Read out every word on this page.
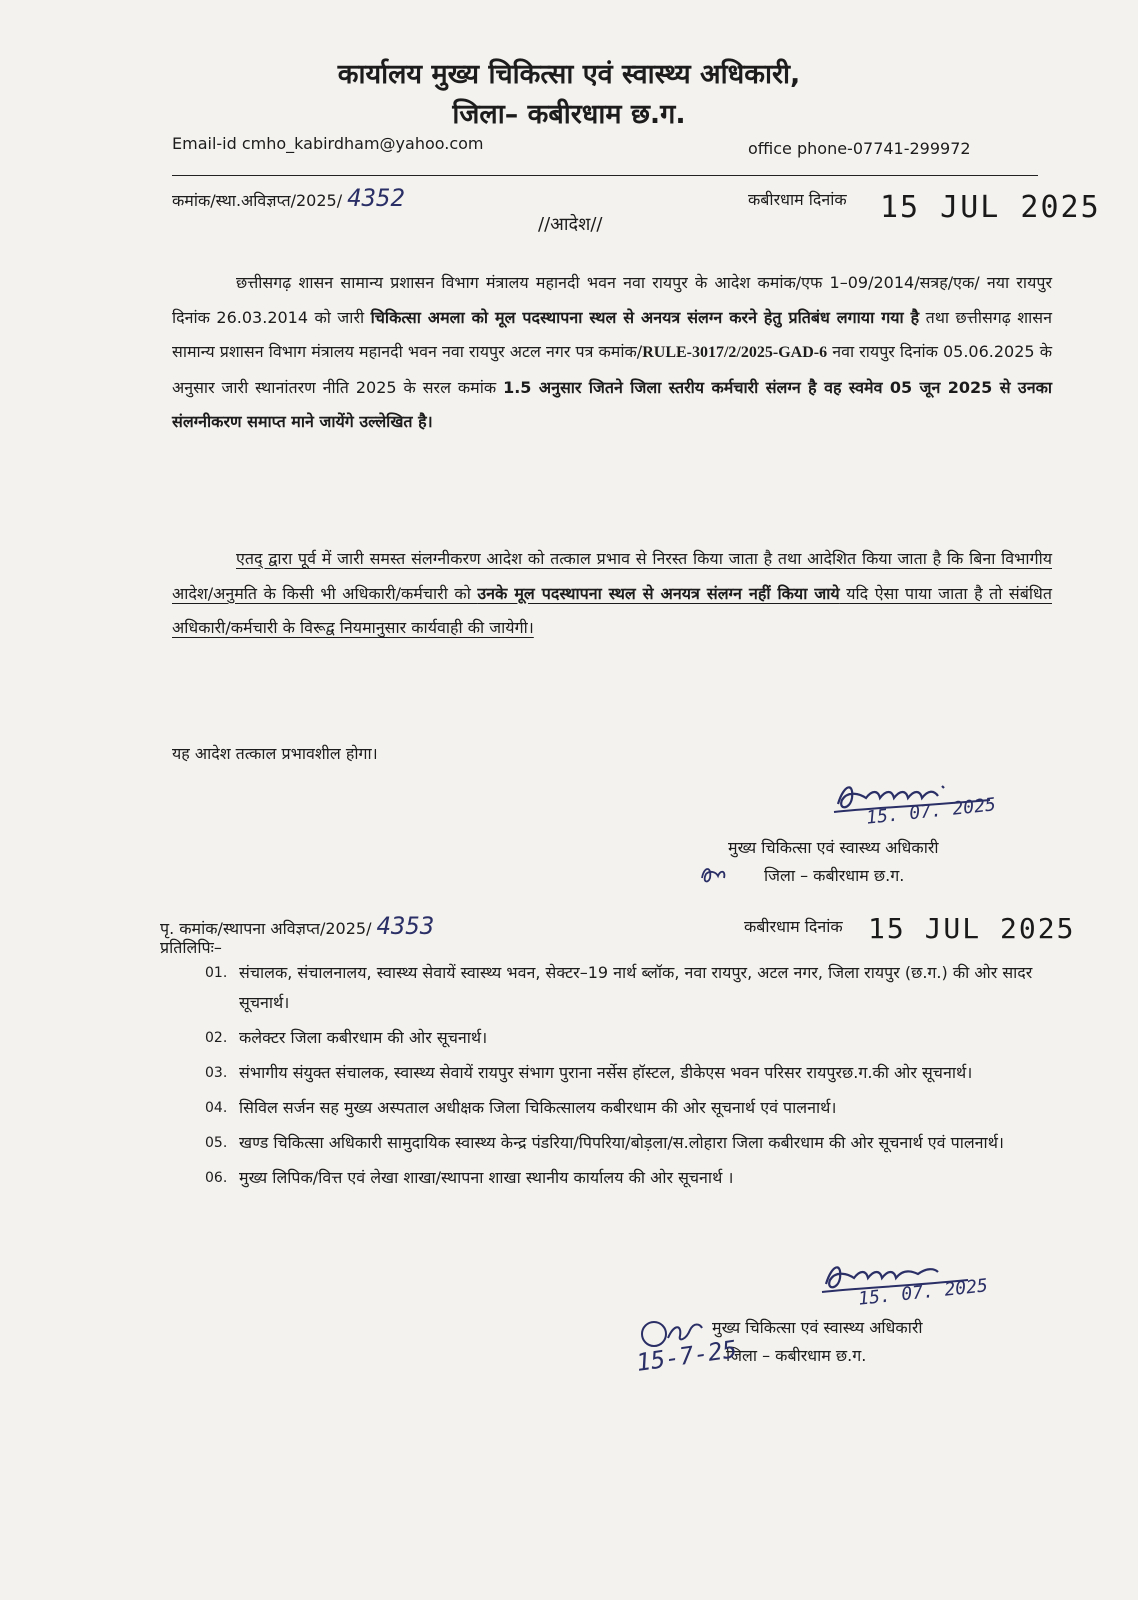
कार्यालय मुख्य चिकित्सा एवं स्वास्थ्य अधिकारी,
जिला– कबीरधाम छ.ग.
Email-id cmho_kabirdham@yahoo.com	office phone-07741-299972
कमांक/स्था.अविज्ञप्त/2025/ 4352	कबीरधाम दिनांक 15 JUL 2025
//आदेश//

छत्तीसगढ़ शासन सामान्य प्रशासन विभाग मंत्रालय महानदी भवन नवा रायपुर के आदेश कमांक/एफ 1–09/2014/सत्रह/एक/ नया रायपुर दिनांक 26.03.2014 को जारी चिकित्सा अमला को मूल पदस्थापना स्थल से अनयत्र संलग्न करने हेतु प्रतिबंध लगाया गया है तथा छत्तीसगढ़ शासन सामान्य प्रशासन विभाग मंत्रालय महानदी भवन नवा रायपुर अटल नगर पत्र कमांक/RULE-3017/2/2025-GAD-6 नवा रायपुर दिनांक 05.06.2025 के अनुसार जारी स्थानांतरण नीति 2025 के सरल कमांक 1.5 अनुसार जितने जिला स्तरीय कर्मचारी संलग्न है वह स्वमेव 05 जून 2025 से उनका संलग्नीकरण समाप्त माने जायेंगे उल्लेखित है।

एतद् द्वारा पूर्व में जारी समस्त संलग्नीकरण आदेश को तत्काल प्रभाव से निरस्त किया जाता है तथा आदेशित किया जाता है कि बिना विभागीय आदेश/अनुमति के किसी भी अधिकारी/कर्मचारी को उनके मूल पदस्थापना स्थल से अनयत्र संलग्न नहीं किया जाये यदि ऐसा पाया जाता है तो संबंधित अधिकारी/कर्मचारी के विरूद्व नियमानुसार कार्यवाही की जायेगी।

यह आदेश तत्काल प्रभावशील होगा।
15. 07. 2025
मुख्य चिकित्सा एवं स्वास्थ्य अधिकारी
जिला – कबीरधाम छ.ग.
पृ. कमांक/स्थापना अविज्ञप्त/2025/ 4353
प्रतिलिपिः–
कबीरधाम दिनांक 15 JUL 2025
01. संचालक, संचालनालय, स्वास्थ्य सेवायें स्वास्थ्य भवन, सेक्टर–19 नार्थ ब्लॉक, नवा रायपुर, अटल नगर, जिला रायपुर (छ.ग.) की ओर सादर सूचनार्थ।
02. कलेक्टर जिला कबीरधाम की ओर सूचनार्थ।
03. संभागीय संयुक्त संचालक, स्वास्थ्य सेवायें रायपुर संभाग पुराना नर्सेस हॉस्टल, डीकेएस भवन परिसर रायपुरछ.ग.की ओर सूचनार्थ।
04. सिविल सर्जन सह मुख्य अस्पताल अधीक्षक जिला चिकित्सालय कबीरधाम की ओर सूचनार्थ एवं पालनार्थ।
05. खण्ड चिकित्सा अधिकारी सामुदायिक स्वास्थ्य केन्द्र पंडरिया/पिपरिया/बोड़ला/स.लोहारा जिला कबीरधाम की ओर सूचनार्थ एवं पालनार्थ।
06. मुख्य लिपिक/वित्त एवं लेखा शाखा/स्थापना शाखा स्थानीय कार्यालय की ओर सूचनार्थ ।
15. 07. 2025
मुख्य चिकित्सा एवं स्वास्थ्य अधिकारी
जिला – कबीरधाम छ.ग.
15-7-25
